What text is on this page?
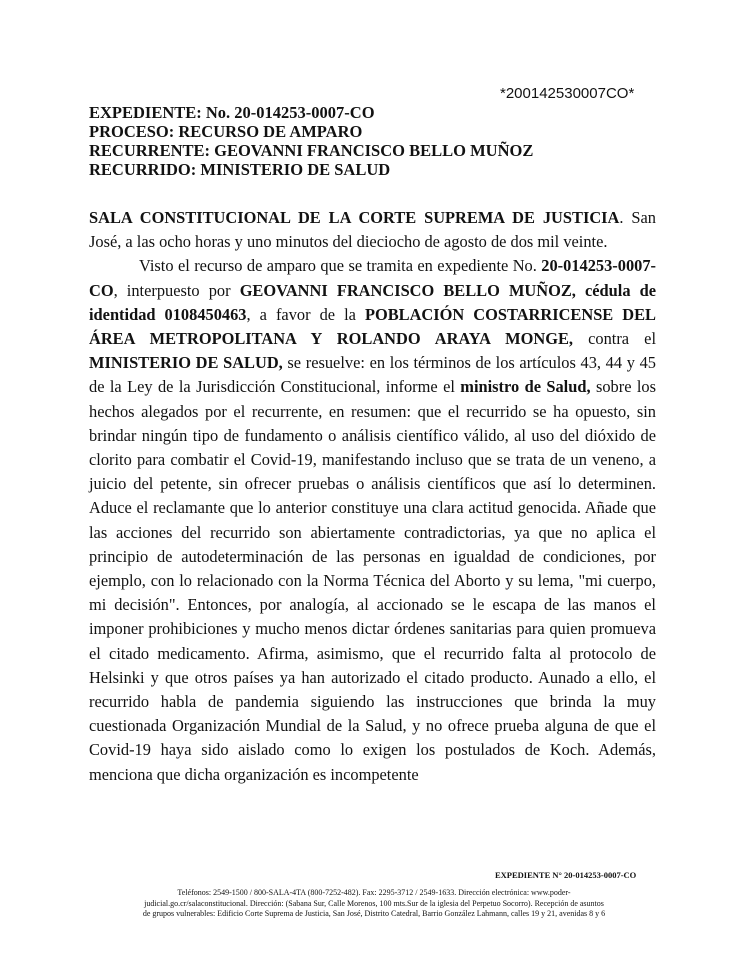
*200142530007CO*
EXPEDIENTE: No. 20-014253-0007-CO
PROCESO: RECURSO DE AMPARO
RECURRENTE: GEOVANNI FRANCISCO BELLO MUÑOZ
RECURRIDO: MINISTERIO DE SALUD

SALA CONSTITUCIONAL DE LA CORTE SUPREMA DE JUSTICIA. San José, a las ocho horas y uno minutos del dieciocho de agosto de dos mil veinte.

Visto el recurso de amparo que se tramita en expediente No. 20-014253-0007-CO, interpuesto por GEOVANNI FRANCISCO BELLO MUÑOZ, cédula de identidad 0108450463, a favor de la POBLACIÓN COSTARRICENSE DEL ÁREA METROPOLITANA Y ROLANDO ARAYA MONGE, contra el MINISTERIO DE SALUD, se resuelve: en los términos de los artículos 43, 44 y 45 de la Ley de la Jurisdicción Constitucional, informe el ministro de Salud, sobre los hechos alegados por el recurrente, en resumen: que el recurrido se ha opuesto, sin brindar ningún tipo de fundamento o análisis científico válido, al uso del dióxido de clorito para combatir el Covid-19, manifestando incluso que se trata de un veneno, a juicio del petente, sin ofrecer pruebas o análisis científicos que así lo determinen. Aduce el reclamante que lo anterior constituye una clara actitud genocida. Añade que las acciones del recurrido son abiertamente contradictorias, ya que no aplica el principio de autodeterminación de las personas en igualdad de condiciones, por ejemplo, con lo relacionado con la Norma Técnica del Aborto y su lema, "mi cuerpo, mi decisión". Entonces, por analogía, al accionado se le escapa de las manos el imponer prohibiciones y mucho menos dictar órdenes sanitarias para quien promueva el citado medicamento. Afirma, asimismo, que el recurrido falta al protocolo de Helsinki y que otros países ya han autorizado el citado producto. Aunado a ello, el recurrido habla de pandemia siguiendo las instrucciones que brinda la muy cuestionada Organización Mundial de la Salud, y no ofrece prueba alguna de que el Covid-19 haya sido aislado como lo exigen los postulados de Koch. Además, menciona que dicha organización es incompetente

EXPEDIENTE N° 20-014253-0007-CO
Teléfonos: 2549-1500 / 800-SALA-4TA (800-7252-482). Fax: 2295-3712 / 2549-1633. Dirección electrónica: www.poder-
judicial.go.cr/salaconstitucional. Dirección: (Sabana Sur, Calle Morenos, 100 mts.Sur de la iglesia del Perpetuo Socorro). Recepción de asuntos
de grupos vulnerables: Edificio Corte Suprema de Justicia, San José, Distrito Catedral, Barrio González Lahmann, calles 19 y 21, avenidas 8 y 6
